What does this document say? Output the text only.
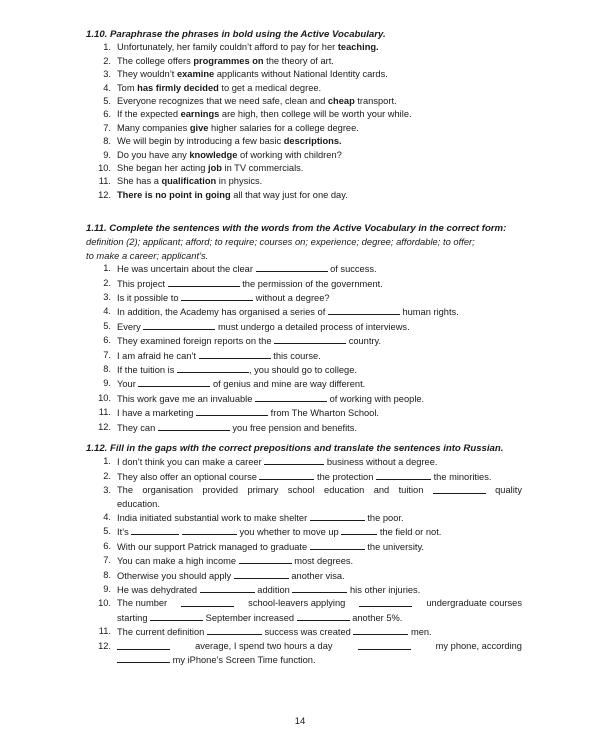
1.10. Paraphrase the phrases in bold using the Active Vocabulary.
1. Unfortunately, her family couldn’t afford to pay for her teaching.
2. The college offers programmes on the theory of art.
3. They wouldn’t examine applicants without National Identity cards.
4. Tom has firmly decided to get a medical degree.
5. Everyone recognizes that we need safe, clean and cheap transport.
6. If the expected earnings are high, then college will be worth your while.
7. Many companies give higher salaries for a college degree.
8. We will begin by introducing a few basic descriptions.
9. Do you have any knowledge of working with children?
10. She began her acting job in TV commercials.
11. She has a qualification in physics.
12. There is no point in going all that way just for one day.
1.11. Complete the sentences with the words from the Active Vocabulary in the correct form:
definition (2); applicant; afford; to require; courses on; experience; degree; affordable; to offer;
to make a career; applicant’s.
1. He was uncertain about the clear	of success.
2. This project	the permission of the government.
3. Is it possible to	without a degree?
4. In addition, the Academy has organised a series of	human rights.
5. Every	must undergo a detailed process of interviews.
6. They examined foreign reports on the	country.
7. I am afraid he can’t	this course.
8. If the tuition is	, you should go to college.
9. Your	of genius and mine are way different.
10. This work gave me an invaluable	of working with people.
11. I have a marketing	from The Wharton School.
12. They can	you free pension and benefits.
1.12. Fill in the gaps with the correct prepositions and translate the sentences into Russian.
1. I don’t think you can make a career	business without a degree.
2. They also offer an optional course	the protection	the minorities.
3. The organisation provided primary school education and tuition	quality
education.
4. India initiated substantial work to make shelter	the poor.
5. It’s	you whether to move up	the field or not.
6. With our support Patrick managed to graduate	the university.
7. You can make a high income	most degrees.
8. Otherwise you should apply	another visa.
9. He was dehydrated	addition	his other injuries.
10. The number	school-leavers applying	undergraduate courses
starting	September increased	another 5%.
11. The current definition	success was created	men.
12.	average, I spend two hours a day	my phone, according
my iPhone’s Screen Time function.
14
